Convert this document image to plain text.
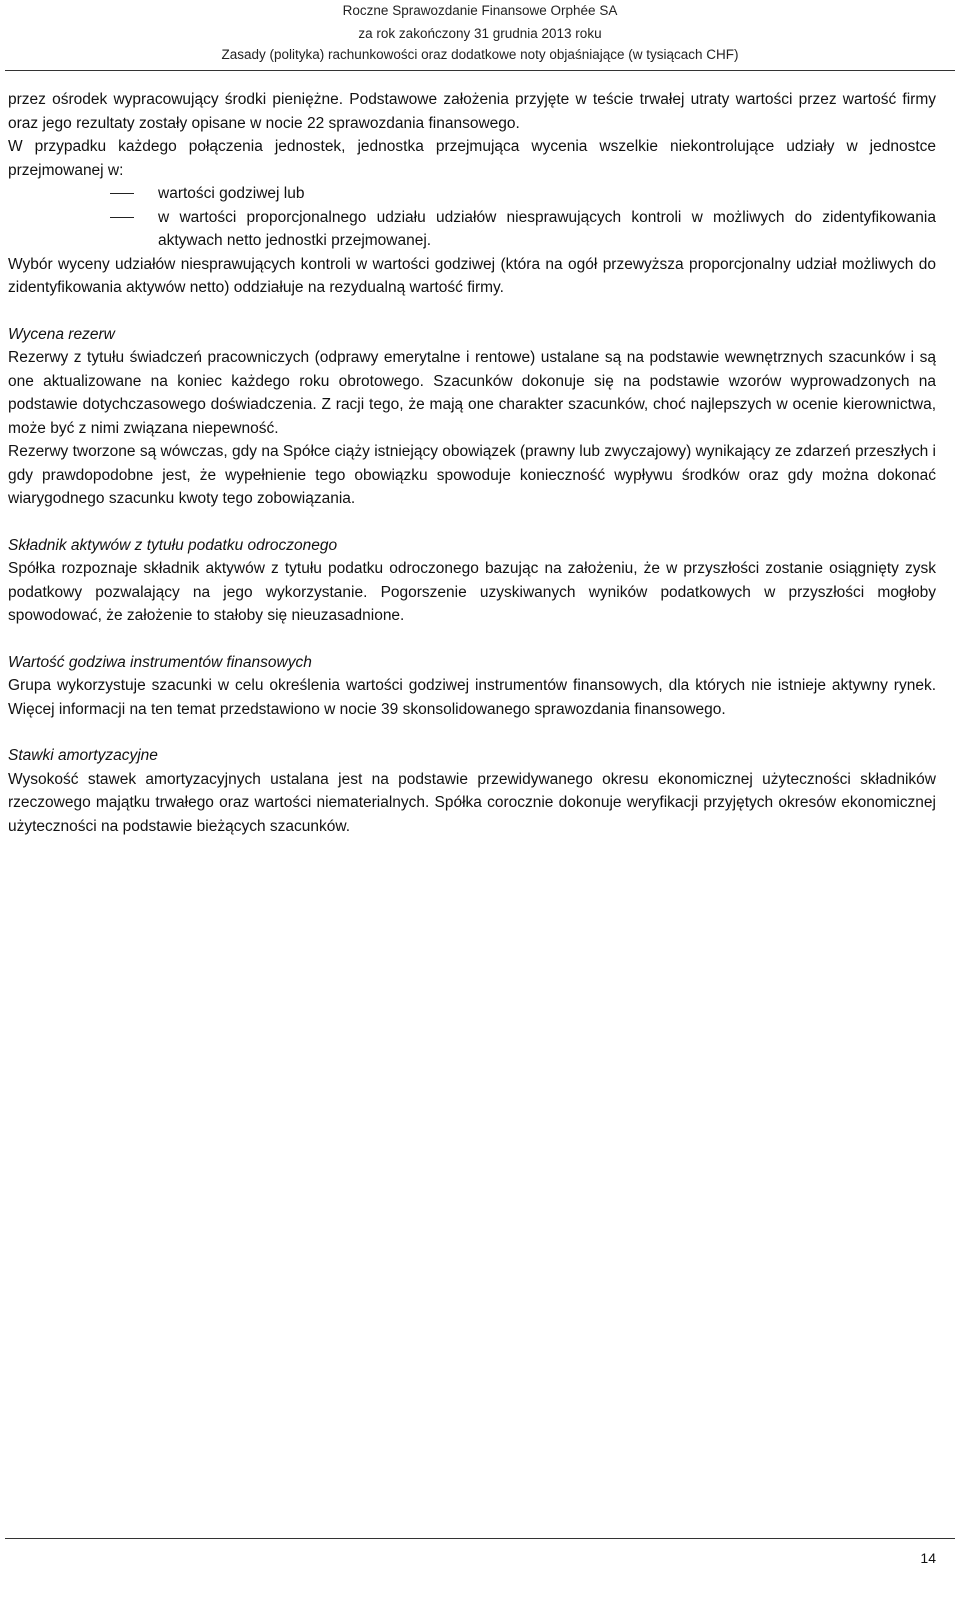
Roczne Sprawozdanie Finansowe Orphée SA
za rok zakończony 31 grudnia 2013 roku
Zasady (polityka) rachunkowości oraz dodatkowe noty objaśniające (w tysiącach CHF)

przez ośrodek wypracowujący środki pieniężne. Podstawowe założenia przyjęte w teście trwałej utraty wartości przez wartość firmy oraz jego rezultaty zostały opisane w nocie 22 sprawozdania finansowego.

W przypadku każdego połączenia jednostek, jednostka przejmująca wycenia wszelkie niekontrolujące udziały w jednostce przejmowanej w:

wartości godziwej lub
w wartości proporcjonalnego udziału udziałów niesprawujących kontroli w możliwych do zidentyfikowania aktywach netto jednostki przejmowanej.

Wybór wyceny udziałów niesprawujących kontroli w wartości godziwej (która na ogół przewyższa proporcjonalny udział możliwych do zidentyfikowania aktywów netto) oddziałuje na rezydualną wartość firmy.

Wycena rezerw

Rezerwy z tytułu świadczeń pracowniczych (odprawy emerytalne i rentowe) ustalane są na podstawie wewnętrznych szacunków i są one aktualizowane na koniec każdego roku obrotowego. Szacunków dokonuje się na podstawie wzorów wyprowadzonych na podstawie dotychczasowego doświadczenia. Z racji tego, że mają one charakter szacunków, choć najlepszych w ocenie kierownictwa, może być z nimi związana niepewność.

Rezerwy tworzone są wówczas, gdy na Spółce ciąży istniejący obowiązek (prawny lub zwyczajowy) wynikający ze zdarzeń przeszłych i gdy prawdopodobne jest, że wypełnienie tego obowiązku spowoduje konieczność wypływu środków oraz gdy można dokonać wiarygodnego szacunku kwoty tego zobowiązania.

Składnik aktywów z tytułu podatku odroczonego

Spółka rozpoznaje składnik aktywów z tytułu podatku odroczonego bazując na założeniu, że w przyszłości zostanie osiągnięty zysk podatkowy pozwalający na jego wykorzystanie. Pogorszenie uzyskiwanych wyników podatkowych w przyszłości mogłoby spowodować, że założenie to stałoby się nieuzasadnione.

Wartość godziwa instrumentów finansowych

Grupa wykorzystuje szacunki w celu określenia wartości godziwej instrumentów finansowych, dla których nie istnieje aktywny rynek. Więcej informacji na ten temat przedstawiono w nocie 39 skonsolidowanego sprawozdania finansowego.

Stawki amortyzacyjne

Wysokość stawek amortyzacyjnych ustalana jest na podstawie przewidywanego okresu ekonomicznej użyteczności składników rzeczowego majątku trwałego oraz wartości niematerialnych. Spółka corocznie dokonuje weryfikacji przyjętych okresów ekonomicznej użyteczności na podstawie bieżących szacunków.

14
